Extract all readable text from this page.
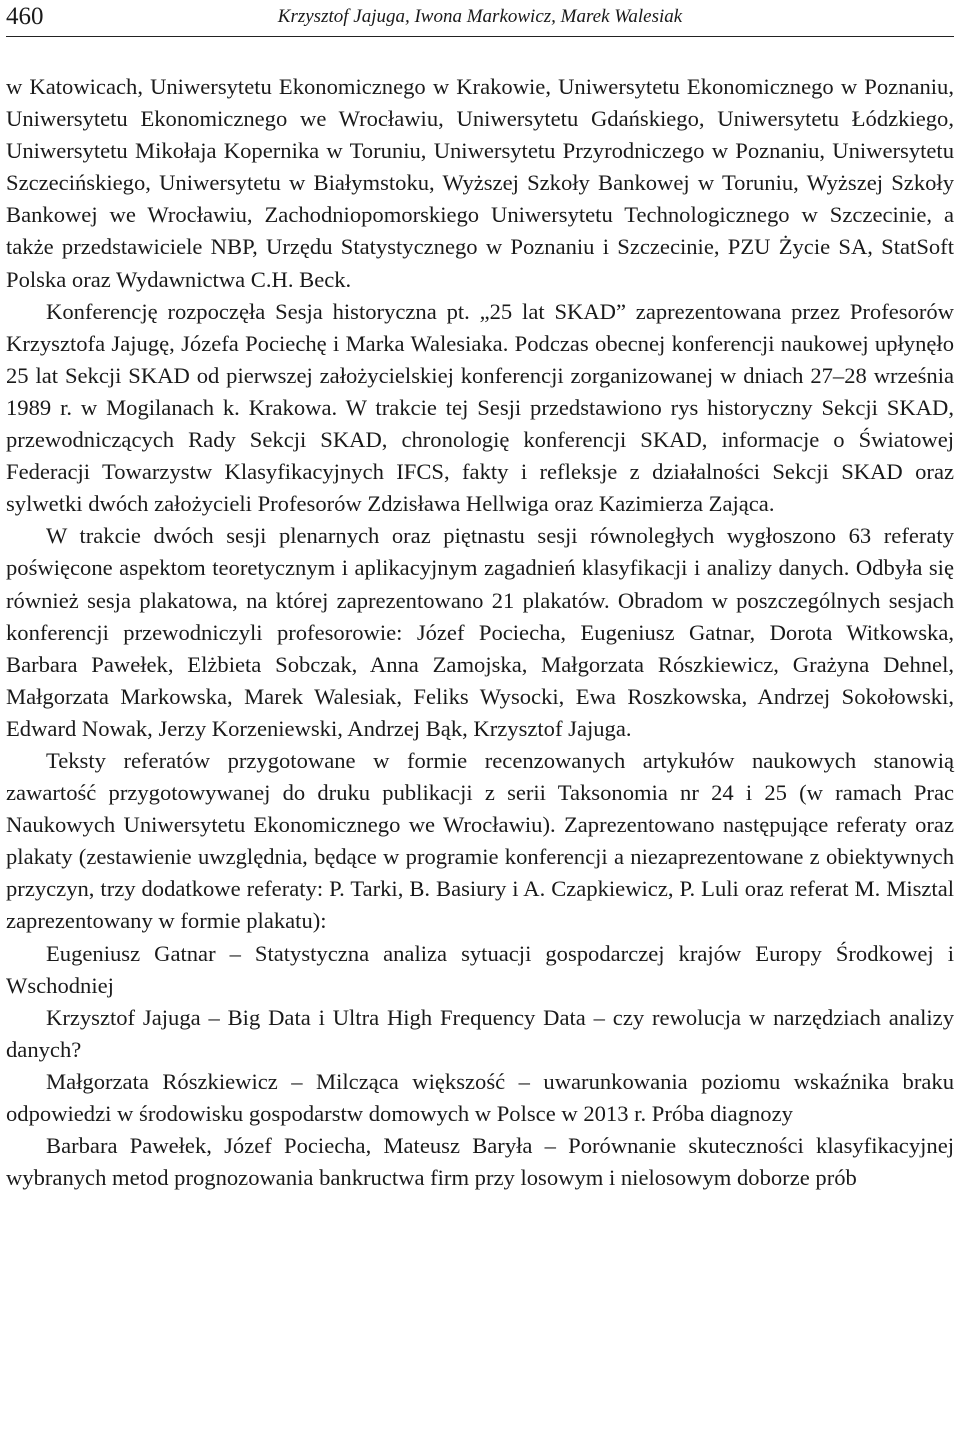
460	Krzysztof Jajuga, Iwona Markowicz, Marek Walesiak

w Katowicach, Uniwersytetu Ekonomicznego w Krakowie, Uniwersytetu Ekonomicznego w Poznaniu, Uniwersytetu Ekonomicznego we Wrocławiu, Uniwersytetu Gdańskiego, Uniwersytetu Łódzkiego, Uniwersytetu Mikołaja Kopernika w Toruniu, Uniwersytetu Przyrodniczego w Poznaniu, Uniwersytetu Szczecińskiego, Uniwersytetu w Białymstoku, Wyższej Szkoły Bankowej w Toruniu, Wyższej Szkoły Bankowej we Wrocławiu, Zachodniopomorskiego Uniwersytetu Technologicznego w Szczecinie, a także przedstawiciele NBP, Urzędu Statystycznego w Poznaniu i Szczecinie, PZU Życie SA, StatSoft Polska oraz Wydawnictwa C.H. Beck.

Konferencję rozpoczęła Sesja historyczna pt. „25 lat SKAD” zaprezentowana przez Profesorów Krzysztofa Jajugę, Józefa Pociechę i Marka Walesiaka. Podczas obecnej konferencji naukowej upłynęło 25 lat Sekcji SKAD od pierwszej założycielskiej konferencji zorganizowanej w dniach 27–28 września 1989 r. w Mogilanach k. Krakowa. W trakcie tej Sesji przedstawiono rys historyczny Sekcji SKAD, przewodniczących Rady Sekcji SKAD, chronologię konferencji SKAD, informacje o Światowej Federacji Towarzystw Klasyfikacyjnych IFCS, fakty i refleksje z działalności Sekcji SKAD oraz sylwetki dwóch założycieli Profesorów Zdzisława Hellwiga oraz Kazimierza Zająca.

W trakcie dwóch sesji plenarnych oraz piętnastu sesji równoległych wygłoszono 63 referaty poświęcone aspektom teoretycznym i aplikacyjnym zagadnień klasyfikacji i analizy danych. Odbyła się również sesja plakatowa, na której zaprezentowano 21 plakatów. Obradom w poszczególnych sesjach konferencji przewodniczyli profesorowie: Józef Pociecha, Eugeniusz Gatnar, Dorota Witkowska, Barbara Pawełek, Elżbieta Sobczak, Anna Zamojska, Małgorzata Rószkiewicz, Grażyna Dehnel, Małgorzata Markowska, Marek Walesiak, Feliks Wysocki, Ewa Roszkowska, Andrzej Sokołowski, Edward Nowak, Jerzy Korzeniewski, Andrzej Bąk, Krzysztof Jajuga.

Teksty referatów przygotowane w formie recenzowanych artykułów naukowych stanowią zawartość przygotowywanej do druku publikacji z serii Taksonomia nr 24 i 25 (w ramach Prac Naukowych Uniwersytetu Ekonomicznego we Wrocławiu). Zaprezentowano następujące referaty oraz plakaty (zestawienie uwzględnia, będące w programie konferencji a niezaprezentowane z obiektywnych przyczyn, trzy dodatkowe referaty: P. Tarki, B. Basiury i A. Czapkiewicz, P. Luli oraz referat M. Misztal zaprezentowany w formie plakatu):

Eugeniusz Gatnar – Statystyczna analiza sytuacji gospodarczej krajów Europy Środkowej i Wschodniej
Krzysztof Jajuga – Big Data i Ultra High Frequency Data – czy rewolucja w narzędziach analizy danych?
Małgorzata Rószkiewicz – Milcząca większość – uwarunkowania poziomu wskaźnika braku odpowiedzi w środowisku gospodarstw domowych w Polsce w 2013 r. Próba diagnozy
Barbara Pawełek, Józef Pociecha, Mateusz Baryła – Porównanie skuteczności klasyfikacyjnej wybranych metod prognozowania bankructwa firm przy losowym i nielosowym doborze prób
